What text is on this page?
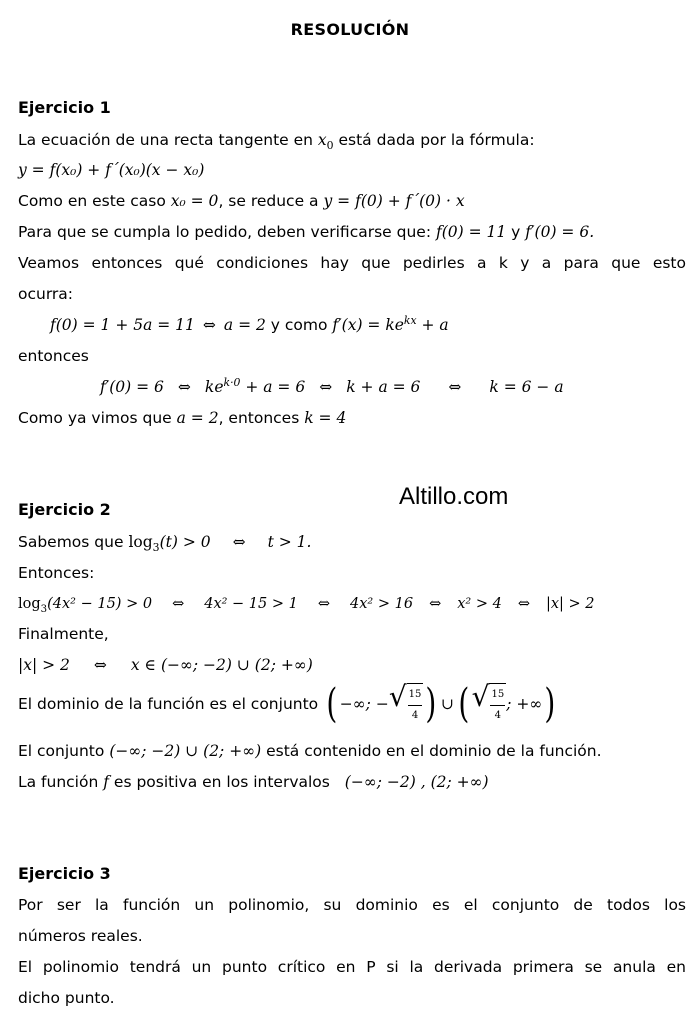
RESOLUCIÓN
Ejercicio 1
La ecuación de una recta tangente en $x_0$ está dada por la fórmula:
y = f(x₀) + f´(x₀)(x − x₀)
Como en este caso x₀ = 0, se reduce a y = f(0) + f´(0) · x
Para que se cumpla lo pedido, deben verificarse que: f(0) = 11 y f′(0) = 6.
Veamos entonces qué condiciones hay que pedirles a k y a para que esto
ocurra:
f(0) = 1 + 5a = 11 ⇔ a = 2 y como $f'(x) = ke^{kx} + a$
entonces
f′(0) = 6 ⇔ $ke^{k\cdot 0} + a = 6$ ⇔ k + a = 6 ⇔ k = 6 − a
Como ya vimos que a = 2, entonces k = 4
Altillo.com
Ejercicio 2
Sabemos que $\log_3(t) > 0$ ⇔ t > 1.
Entonces:
$\log_3(4x^2 - 15) > 0$ ⇔ 4x² − 15 > 1 ⇔ 4x² > 16 ⇔ x² > 4 ⇔ |x| > 2
Finalmente,
|x| > 2 ⇔ x ∈ (−∞; −2) ∪ (2; +∞)
El dominio de la función es el conjunto ( −∞; − √ $\frac{15}{4}$ ) ∪ ( √ $\frac{15}{4}$ ; +∞ )
El conjunto (−∞; −2) ∪ (2; +∞) está contenido en el dominio de la función.
La función f es positiva en los intervalos (−∞; −2) , (2; +∞)
Ejercicio 3
Por ser la función un polinomio, su dominio es el conjunto de todos los
números reales.
El polinomio tendrá un punto crítico en P si la derivada primera se anula en
dicho punto.
